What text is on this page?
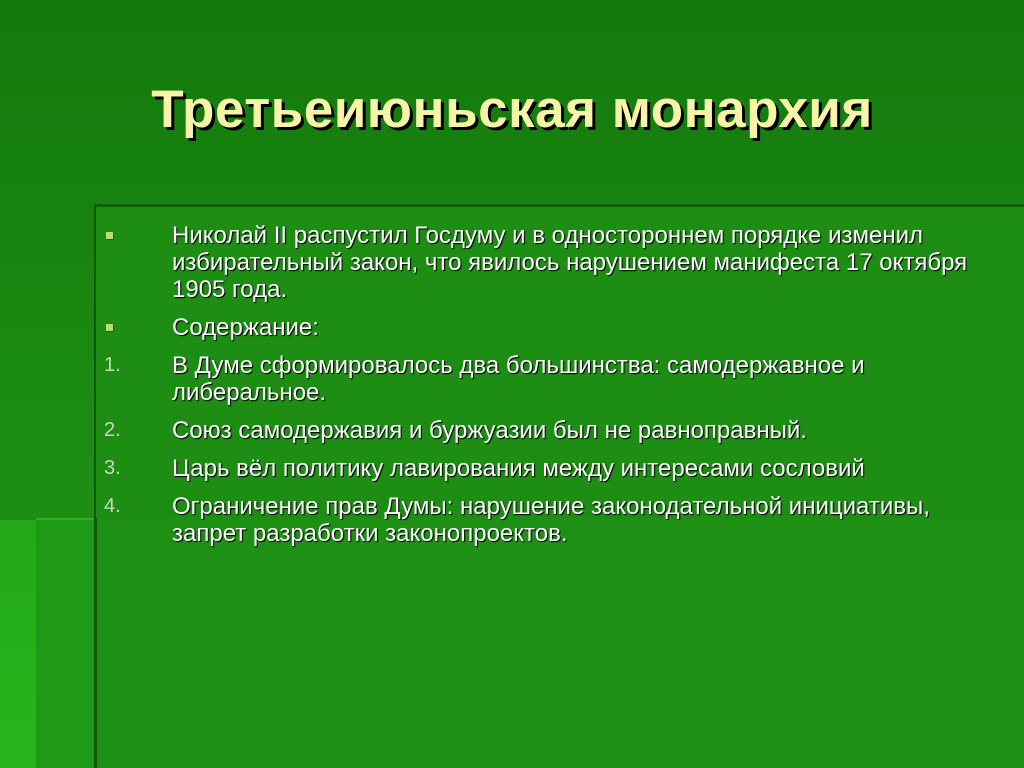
Третьеиюньская монархия
Николай II распустил Госдуму и в одностороннем порядке изменил избирательный закон, что явилось нарушением манифеста 17 октября 1905 года.
Содержание:
1.	В Думе сформировалось два большинства: самодержавное и либеральное.
2.	Союз самодержавия и буржуазии был не равноправный.
3.	Царь вёл политику лавирования между интересами сословий
4.	Ограничение прав Думы: нарушение законодательной инициативы, запрет разработки законопроектов.
